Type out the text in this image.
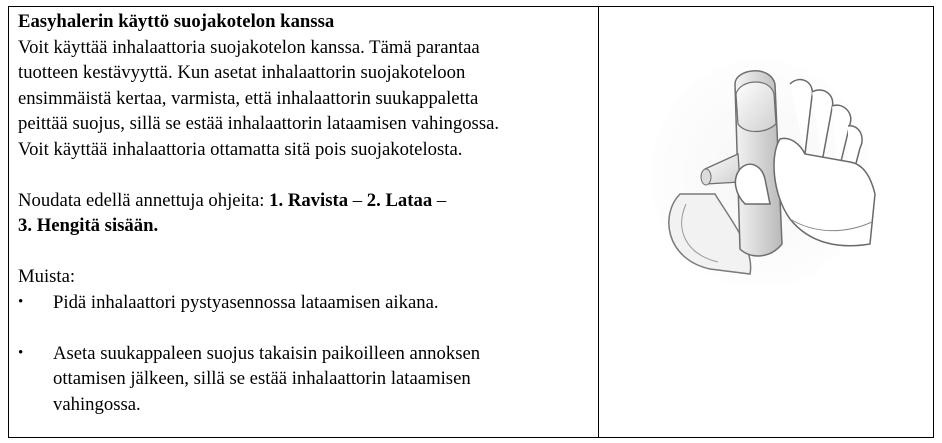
Easyhalerin käyttö suojakotelon kanssa

Voit käyttää inhalaattoria suojakotelon kanssa. Tämä parantaa

tuotteen kestävyyttä. Kun asetat inhalaattorin suojakoteloon

ensimmäistä kertaa, varmista, että inhalaattorin suukappaletta

peittää suojus, sillä se estää inhalaattorin lataamisen vahingossa.

Voit käyttää inhalaattoria ottamatta sitä pois suojakotelosta.

Noudata edellä annettuja ohjeita: 1. Ravista – 2. Lataa –

3. Hengitä sisään.

Muista:

• Pidä inhalaattori pystyasennossa lataamisen aikana.
• Aseta suukappaleen suojus takaisin paikoilleen annoksen
ottamisen jälkeen, sillä se estää inhalaattorin lataamisen
vahingossa.
